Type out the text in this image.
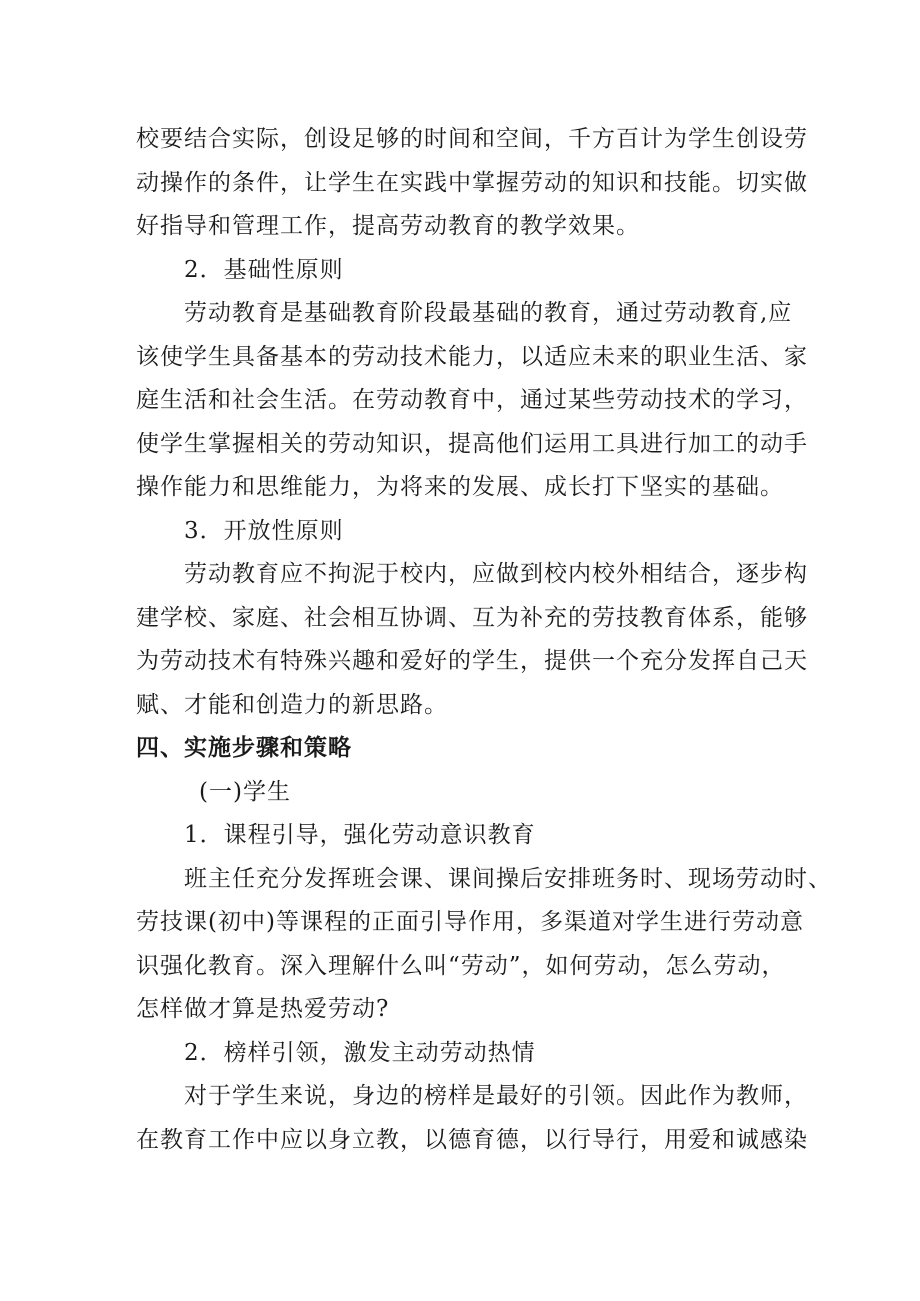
校要结合实际，创设足够的时间和空间，千方百计为学生创设劳
动操作的条件，让学生在实践中掌握劳动的知识和技能。切实做
好指导和管理工作，提高劳动教育的教学效果。
2．基础性原则
劳动教育是基础教育阶段最基础的教育，通过劳动教育,应
该使学生具备基本的劳动技术能力，以适应未来的职业生活、家
庭生活和社会生活。在劳动教育中，通过某些劳动技术的学习，
使学生掌握相关的劳动知识，提高他们运用工具进行加工的动手
操作能力和思维能力，为将来的发展、成长打下坚实的基础。
3．开放性原则
劳动教育应不拘泥于校内，应做到校内校外相结合，逐步构
建学校、家庭、社会相互协调、互为补充的劳技教育体系，能够
为劳动技术有特殊兴趣和爱好的学生，提供一个充分发挥自己天
赋、才能和创造力的新思路。
四、实施步骤和策略
(一)学生
1．课程引导，强化劳动意识教育
班主任充分发挥班会课、课间操后安排班务时、现场劳动时、
劳技课(初中)等课程的正面引导作用，多渠道对学生进行劳动意
识强化教育。深入理解什么叫“劳动”，如何劳动，怎么劳动，
怎样做才算是热爱劳动?
2．榜样引领，激发主动劳动热情
对于学生来说，身边的榜样是最好的引领。因此作为教师，
在教育工作中应以身立教，以德育德，以行导行，用爱和诚感染
